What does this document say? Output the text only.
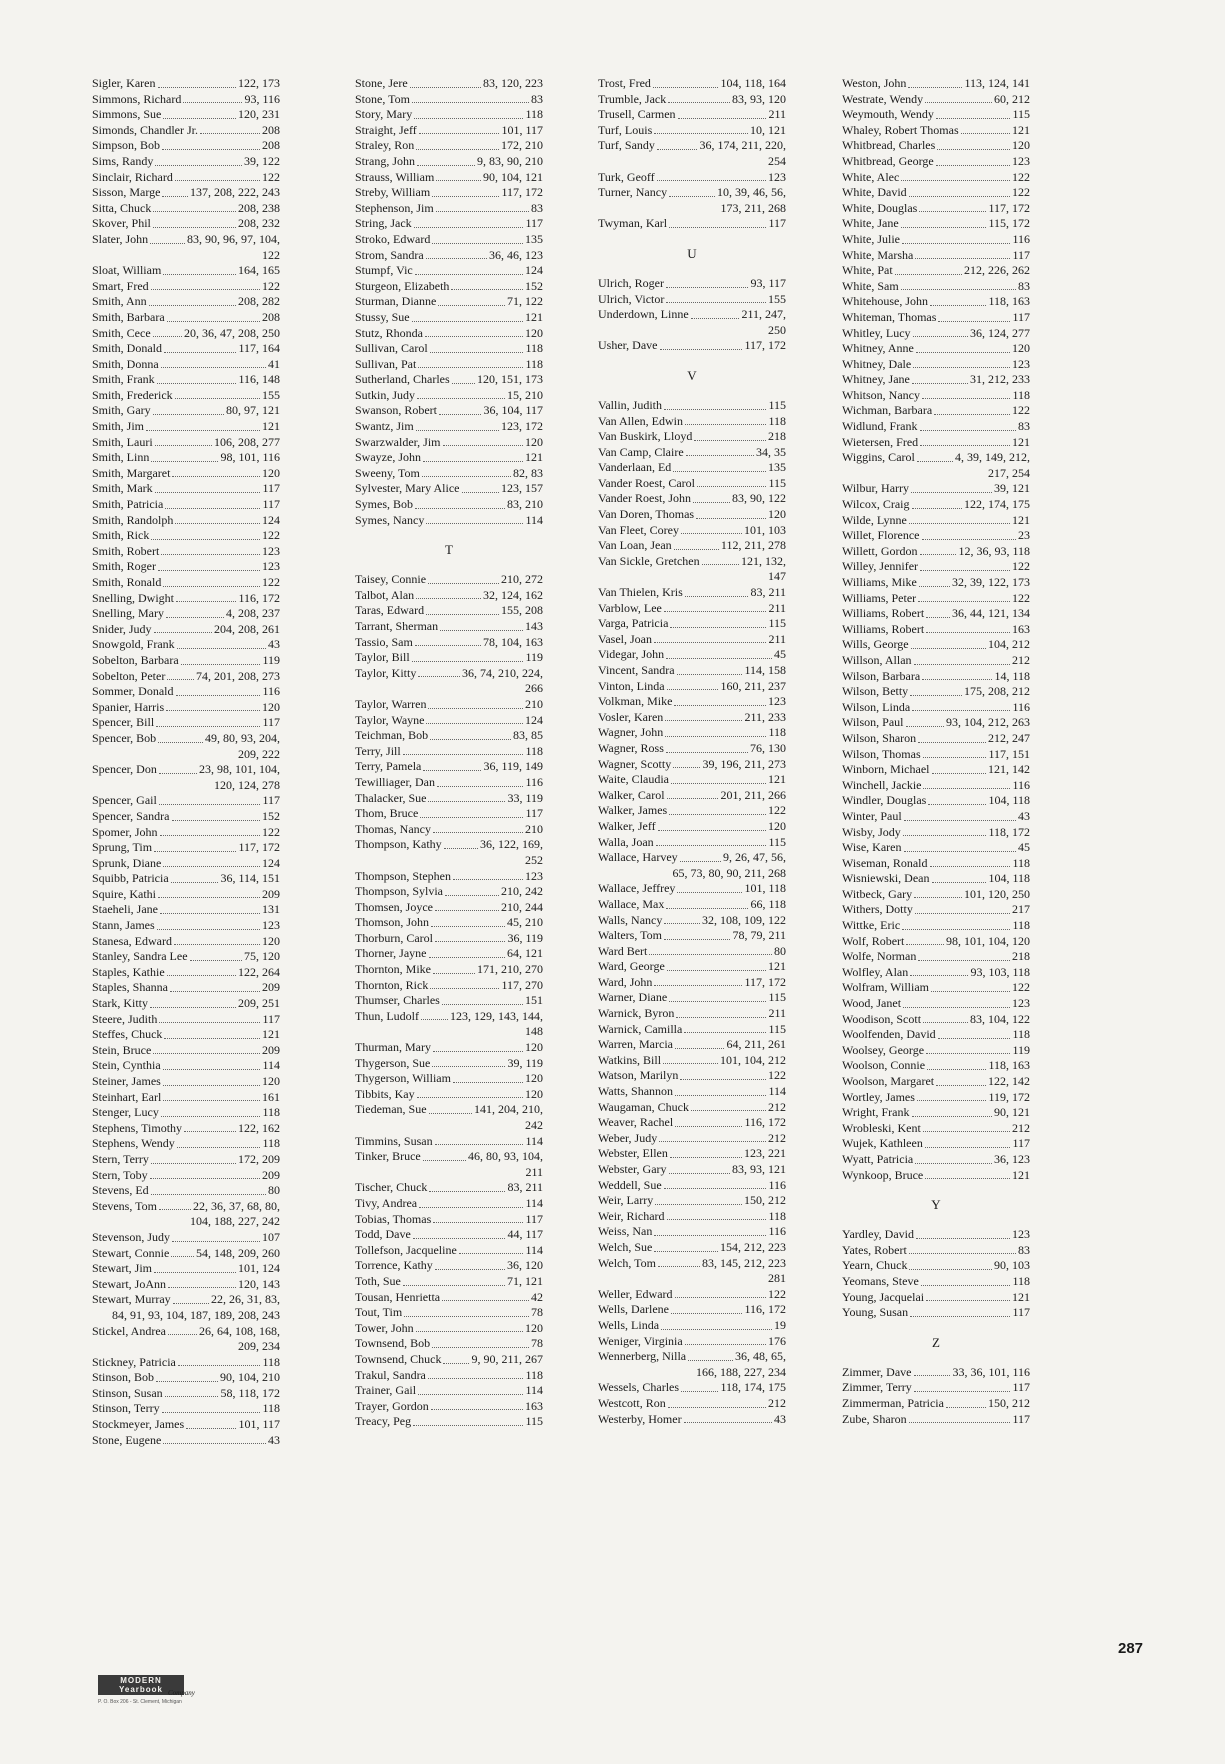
Sigler, Karen	122, 173
Simmons, Richard	93, 116
Simmons, Sue	120, 231
Simonds, Chandler Jr.	208
Simpson, Bob	208
Sims, Randy	39, 122
Sinclair, Richard	122
Sisson, Marge 137, 208, 222, 243
Sitta, Chuck	208, 238
Skover, Phil	208, 232
Slater, John	83, 90, 96, 97, 104,
122
Sloat, William	164, 165
Smart, Fred	122
Smith, Ann	208, 282
Smith, Barbara	208
Smith, Cece	20, 36, 47, 208, 250
Smith, Donald	117, 164
Smith, Donna	41
Smith, Frank	116, 148
Smith, Frederick	155
Smith, Gary	80, 97, 121
Smith, Jim	121
Smith, Lauri	106, 208, 277
Smith, Linn	98, 101, 116
Smith, Margaret	120
Smith, Mark	117
Smith, Patricia	117
Smith, Randolph	124
Smith, Rick	122
Smith, Robert	123
Smith, Roger	123
Smith, Ronald	122
Snelling, Dwight	116, 172
Snelling, Mary	4, 208, 237
Snider, Judy	204, 208, 261
Snowgold, Frank	43
Sobelton, Barbara	119
Sobelton, Peter	74, 201, 208, 273
Sommer, Donald	116
Spanier, Harris	120
Spencer, Bill	117
Spencer, Bob	49, 80, 93, 204,
209, 222
Spencer, Don	23, 98, 101, 104,
120, 124, 278
Spencer, Gail	117
Spencer, Sandra	152
Spomer, John	122
Sprung, Tim	117, 172
Sprunk, Diane	124
Squibb, Patricia	36, 114, 151
Squire, Kathi	209
Staeheli, Jane	131
Stann, James	123
Stanesa, Edward	120
Stanley, Sandra Lee	75, 120
Staples, Kathie	122, 264
Staples, Shanna	209
Stark, Kitty	209, 251
Steere, Judith	117
Steffes, Chuck	121
Stein, Bruce	209
Stein, Cynthia	114
Steiner, James	120
Steinhart, Earl	161
Stenger, Lucy	118
Stephens, Timothy	122, 162
Stephens, Wendy	118
Stern, Terry	172, 209
Stern, Toby	209
Stevens, Ed	80
Stevens, Tom	22, 36, 37, 68, 80,
104, 188, 227, 242
Stevenson, Judy	107
Stewart, Connie 54, 148, 209, 260
Stewart, Jim	101, 124
Stewart, JoAnn	120, 143
Stewart, Murray	22, 26, 31, 83,
84, 91, 93, 104, 187, 189, 208, 243
Stickel, Andrea	26, 64, 108, 168,
209, 234
Stickney, Patricia	118
Stinson, Bob	90, 104, 210
Stinson, Susan	58, 118, 172
Stinson, Terry	118
Stockmeyer, James	101, 117
Stone, Eugene	43
Stone, Jere	83, 120, 223
Stone, Tom	83
Story, Mary	118
Straight, Jeff	101, 117
Straley, Ron	172, 210
Strang, John	9, 83, 90, 210
Strauss, William	90, 104, 121
Streby, William	117, 172
Stephenson, Jim	83
String, Jack	117
Stroko, Edward	135
Strom, Sandra	36, 46, 123
Stumpf, Vic	124
Sturgeon, Elizabeth	152
Sturman, Dianne	71, 122
Stussy, Sue	121
Stutz, Rhonda	120
Sullivan, Carol	118
Sullivan, Pat	118
Sutherland, Charles 120, 151, 173
Sutkin, Judy	15, 210
Swanson, Robert	36, 104, 117
Swantz, Jim	123, 172
Swarzwalder, Jim	120
Swayze, John	121
Sweeny, Tom	82, 83
Sylvester, Mary Alice	123, 157
Symes, Bob	83, 210
Symes, Nancy	114
T
Taisey, Connie	210, 272
Talbot, Alan	32, 124, 162
Taras, Edward	155, 208
Tarrant, Sherman	143
Tassio, Sam	78, 104, 163
Taylor, Bill	119
Taylor, Kitty	36, 74, 210, 224,
266
Taylor, Warren	210
Taylor, Wayne	124
Teichman, Bob	83, 85
Terry, Jill	118
Terry, Pamela	36, 119, 149
Tewilliager, Dan	116
Thalacker, Sue	33, 119
Thom, Bruce	117
Thomas, Nancy	210
Thompson, Kathy	36, 122, 169,
252
Thompson, Stephen	123
Thompson, Sylvia	210, 242
Thomsen, Joyce	210, 244
Thomson, John	45, 210
Thorburn, Carol	36, 119
Thorner, Jayne	64, 121
Thornton, Mike	171, 210, 270
Thornton, Rick	117, 270
Thumser, Charles	151
Thun, Ludolf	123, 129, 143, 144,
148
Thurman, Mary	120
Thygerson, Sue	39, 119
Thygerson, William	120
Tibbits, Kay	120
Tiedeman, Sue	141, 204, 210,
242
Timmins, Susan	114
Tinker, Bruce	46, 80, 93, 104,
211
Tischer, Chuck	83, 211
Tivy, Andrea	114
Tobias, Thomas	117
Todd, Dave	44, 117
Tollefson, Jacqueline	114
Torrence, Kathy	36, 120
Toth, Sue	71, 121
Tousan, Henrietta	42
Tout, Tim	78
Tower, John	120
Townsend, Bob	78
Townsend, Chuck 9, 90, 211, 267
Trakul, Sandra	118
Trainer, Gail	114
Trayer, Gordon	163
Treacy, Peg	115
Trost, Fred	104, 118, 164
Trumble, Jack	83, 93, 120
Trusell, Carmen	211
Turf, Louis	10, 121
Turf, Sandy	36, 174, 211, 220,
254
Turk, Geoff	123
Turner, Nancy	10, 39, 46, 56,
173, 211, 268
Twyman, Karl	117
U
Ulrich, Roger	93, 117
Ulrich, Victor	155
Underdown, Linne	211, 247,
250
Usher, Dave	117, 172
V
Vallin, Judith	115
Van Allen, Edwin	118
Van Buskirk, Lloyd	218
Van Camp, Claire	34, 35
Vanderlaan, Ed	135
Vander Roest, Carol	115
Vander Roest, John	83, 90, 122
Van Doren, Thomas	120
Van Fleet, Corey	101, 103
Van Loan, Jean	112, 211, 278
Van Sickle, Gretchen	121, 132,
147
Van Thielen, Kris	83, 211
Varblow, Lee	211
Varga, Patricia	115
Vasel, Joan	211
Videgar, John	45
Vincent, Sandra	114, 158
Vinton, Linda	160, 211, 237
Volkman, Mike	123
Vosler, Karen	211, 233
Wagner, John	118
Wagner, Ross	76, 130
Wagner, Scotty	39, 196, 211, 273
Waite, Claudia	121
Walker, Carol	201, 211, 266
Walker, James	122
Walker, Jeff	120
Walla, Joan	115
Wallace, Harvey	9, 26, 47, 56,
65, 73, 80, 90, 211, 268
Wallace, Jeffrey	101, 118
Wallace, Max	66, 118
Walls, Nancy	32, 108, 109, 122
Walters, Tom	78, 79, 211
Ward Bert	80
Ward, George	121
Ward, John	117, 172
Warner, Diane	115
Warnick, Byron	211
Warnick, Camilla	115
Warren, Marcia	64, 211, 261
Watkins, Bill	101, 104, 212
Watson, Marilyn	122
Watts, Shannon	114
Waugaman, Chuck	212
Weaver, Rachel	116, 172
Weber, Judy	212
Webster, Ellen	123, 221
Webster, Gary	83, 93, 121
Weddell, Sue	116
Weir, Larry	150, 212
Weir, Richard	118
Weiss, Nan	116
Welch, Sue	154, 212, 223
Welch, Tom	83, 145, 212, 223
281
Weller, Edward	122
Wells, Darlene	116, 172
Wells, Linda	19
Weniger, Virginia	176
Wennerberg, Nilla	36, 48, 65,
166, 188, 227, 234
Wessels, Charles	118, 174, 175
Westcott, Ron	212
Westerby, Homer	43
Weston, John	113, 124, 141
Westrate, Wendy	60, 212
Weymouth, Wendy	115
Whaley, Robert Thomas	121
Whitbread, Charles	120
Whitbread, George	123
White, Alec	122
White, David	122
White, Douglas	117, 172
White, Jane	115, 172
White, Julie	116
White, Marsha	117
White, Pat	212, 226, 262
White, Sam	83
Whitehouse, John	118, 163
Whiteman, Thomas	117
Whitley, Lucy	36, 124, 277
Whitney, Anne	120
Whitney, Dale	123
Whitney, Jane	31, 212, 233
Whitson, Nancy	118
Wichman, Barbara	122
Widlund, Frank	83
Wietersen, Fred	121
Wiggins, Carol	4, 39, 149, 212,
217, 254
Wilbur, Harry	39, 121
Wilcox, Craig	122, 174, 175
Wilde, Lynne	121
Willet, Florence	23
Willett, Gordon	12, 36, 93, 118
Willey, Jennifer	122
Williams, Mike	32, 39, 122, 173
Williams, Peter	122
Williams, Robert 36, 44, 121, 134
Williams, Robert	163
Wills, George	104, 212
Willson, Allan	212
Wilson, Barbara	14, 118
Wilson, Betty	175, 208, 212
Wilson, Linda	116
Wilson, Paul	93, 104, 212, 263
Wilson, Sharon	212, 247
Wilson, Thomas	117, 151
Winborn, Michael	121, 142
Winchell, Jackie	116
Windler, Douglas	104, 118
Winter, Paul	43
Wisby, Jody	118, 172
Wise, Karen	45
Wiseman, Ronald	118
Wisniewski, Dean	104, 118
Witbeck, Gary	101, 120, 250
Withers, Dotty	217
Wittke, Eric	118
Wolf, Robert	98, 101, 104, 120
Wolfe, Norman	218
Wolfley, Alan	93, 103, 118
Wolfram, William	122
Wood, Janet	123
Woodison, Scott	83, 104, 122
Woolfenden, David	118
Woolsey, George	119
Woolson, Connie	118, 163
Woolson, Margaret	122, 142
Wortley, James	119, 172
Wright, Frank	90, 121
Wrobleski, Kent	212
Wujek, Kathleen	117
Wyatt, Patricia	36, 123
Wynkoop, Bruce	121
Y
Yardley, David	123
Yates, Robert	83
Yearn, Chuck	90, 103
Yeomans, Steve	118
Young, Jacquelai	121
Young, Susan	117
Z
Zimmer, Dave	33, 36, 101, 116
Zimmer, Terry	117
Zimmerman, Patricia	150, 212
Zube, Sharon	117
MODERN
Yearbook Company
P. O. Box 206 - St. Clement, Michigan
287
